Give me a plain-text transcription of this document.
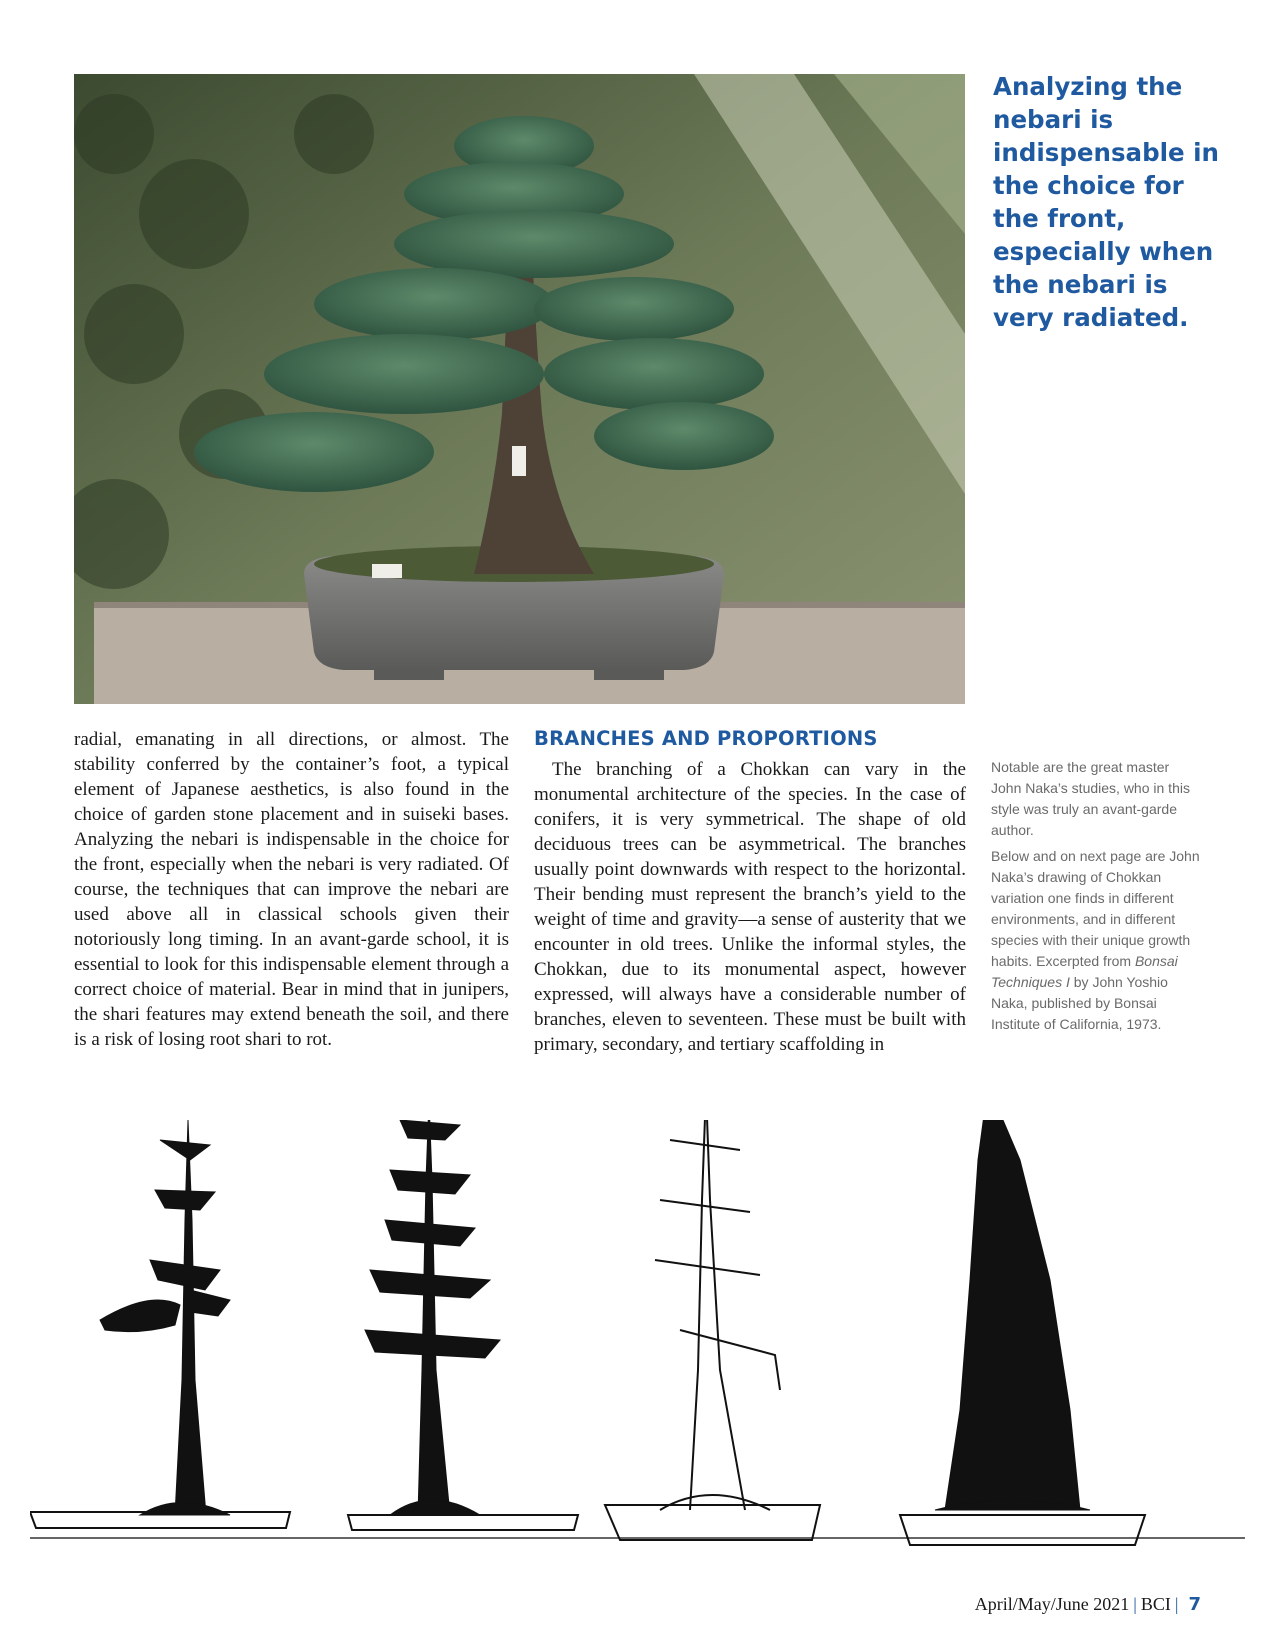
Analyzing the nebari is indispensable in the choice for the front, especially when the nebari is very radiated.

radial, emanating in all directions, or almost. The stability conferred by the container’s foot, a typical element of Japanese aesthetics, is also found in the choice of garden stone placement and in suiseki bases. Analyzing the nebari is indispensable in the choice for the front, especially when the nebari is very radiated. Of course, the techniques that can improve the nebari are used above all in classical schools given their notoriously long timing. In an avant-garde school, it is essential to look for this indispensable element through a correct choice of material. Bear in mind that in junipers, the shari features may extend beneath the soil, and there is a risk of losing root shari to rot.

BRANCHES AND PROPORTIONS

The branching of a Chokkan can vary in the monumental architecture of the species. In the case of conifers, it is very symmetrical. The shape of old deciduous trees can be asymmetrical. The branches usually point downwards with respect to the horizontal. Their bending must represent the branch’s yield to the weight of time and gravity—a sense of austerity that we encounter in old trees. Unlike the informal styles, the Chokkan, due to its monumental aspect, however expressed, will always have a considerable number of branches, eleven to seventeen. These must be built with primary, secondary, and tertiary scaffolding in

Notable are the great master John Naka’s studies, who in this style was truly an avant-garde author.

Below and on next page are John Naka’s drawing of Chokkan variation one finds in different environments, and in different species with their unique growth habits. Excerpted from Bonsai Techniques I by John Yoshio Naka, published by Bonsai Institute of California, 1973.

April/May/June 2021 | BCI | 7
